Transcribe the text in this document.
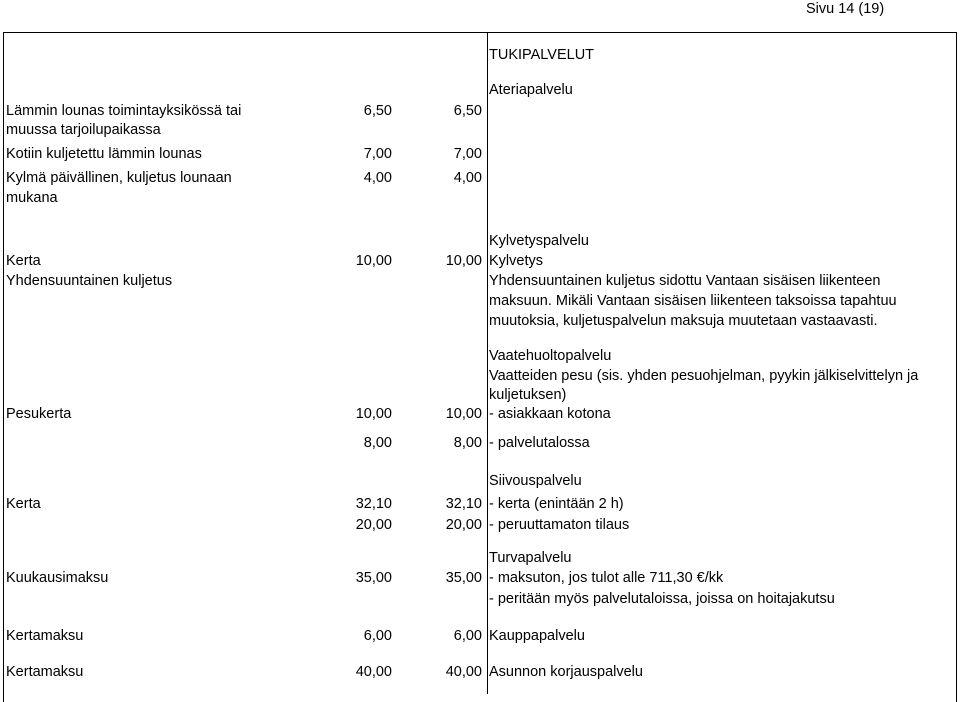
Sivu 14 (19)
TUKIPALVELUT
Ateriapalvelu
Lämmin lounas toimintayksikössä tai
muussa tarjoilupaikassa
6,50	6,50
Kotiin kuljetettu lämmin lounas	7,00	7,00
Kylmä päivällinen, kuljetus lounaan
mukana
4,00	4,00
Kylvetyspalvelu
Kerta	10,00	10,00 Kylvetys
Yhdensuuntainen kuljetus	Yhdensuuntainen kuljetus sidottu Vantaan sisäisen liikenteen
maksuun. Mikäli Vantaan sisäisen liikenteen taksoissa tapahtuu
muutoksia, kuljetuspalvelun maksuja muutetaan vastaavasti.
Vaatehuoltopalvelu
Vaatteiden pesu (sis. yhden pesuohjelman, pyykin jälkiselvittelyn ja
kuljetuksen)
Pesukerta	10,00	10,00 - asiakkaan kotona
8,00	8,00 - palvelutalossa
Siivouspalvelu
Kerta	32,10	32,10 - kerta (enintään 2 h)
20,00	20,00 - peruuttamaton tilaus
Turvapalvelu
Kuukausimaksu	35,00	35,00 - maksuton, jos tulot alle 711,30 €/kk
- peritään myös palvelutaloissa, joissa on hoitajakutsu
Kertamaksu	6,00	6,00 Kauppapalvelu
Kertamaksu	40,00	40,00 Asunnon korjauspalvelu
